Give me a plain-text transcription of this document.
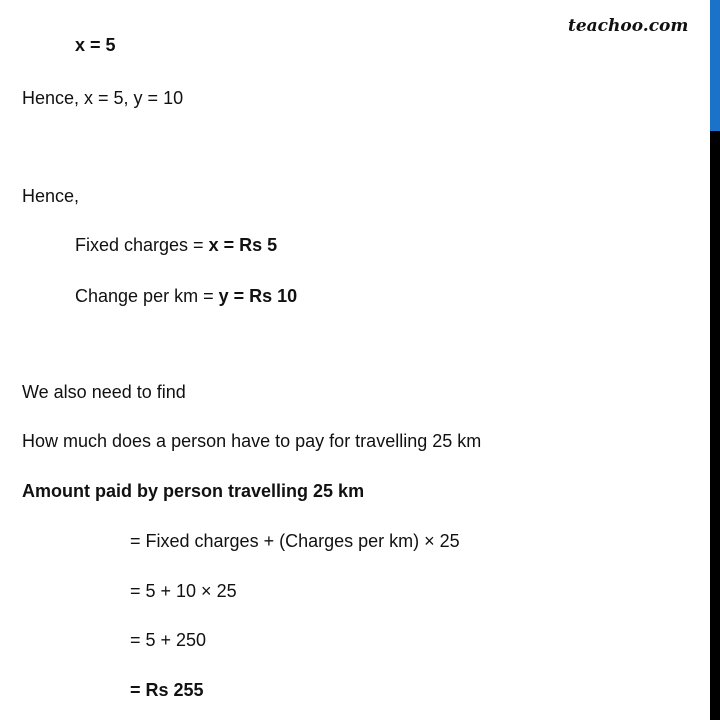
teachoo.com
x = 5
Hence, x = 5, y = 10
Hence,
Fixed charges = x = Rs 5
Change per km = y = Rs 10
We also need to find
How much does a person have to pay for travelling 25 km
Amount paid by person travelling 25 km
= Fixed charges + (Charges per km) × 25
= 5 + 10 × 25
= 5 + 250
= Rs 255
